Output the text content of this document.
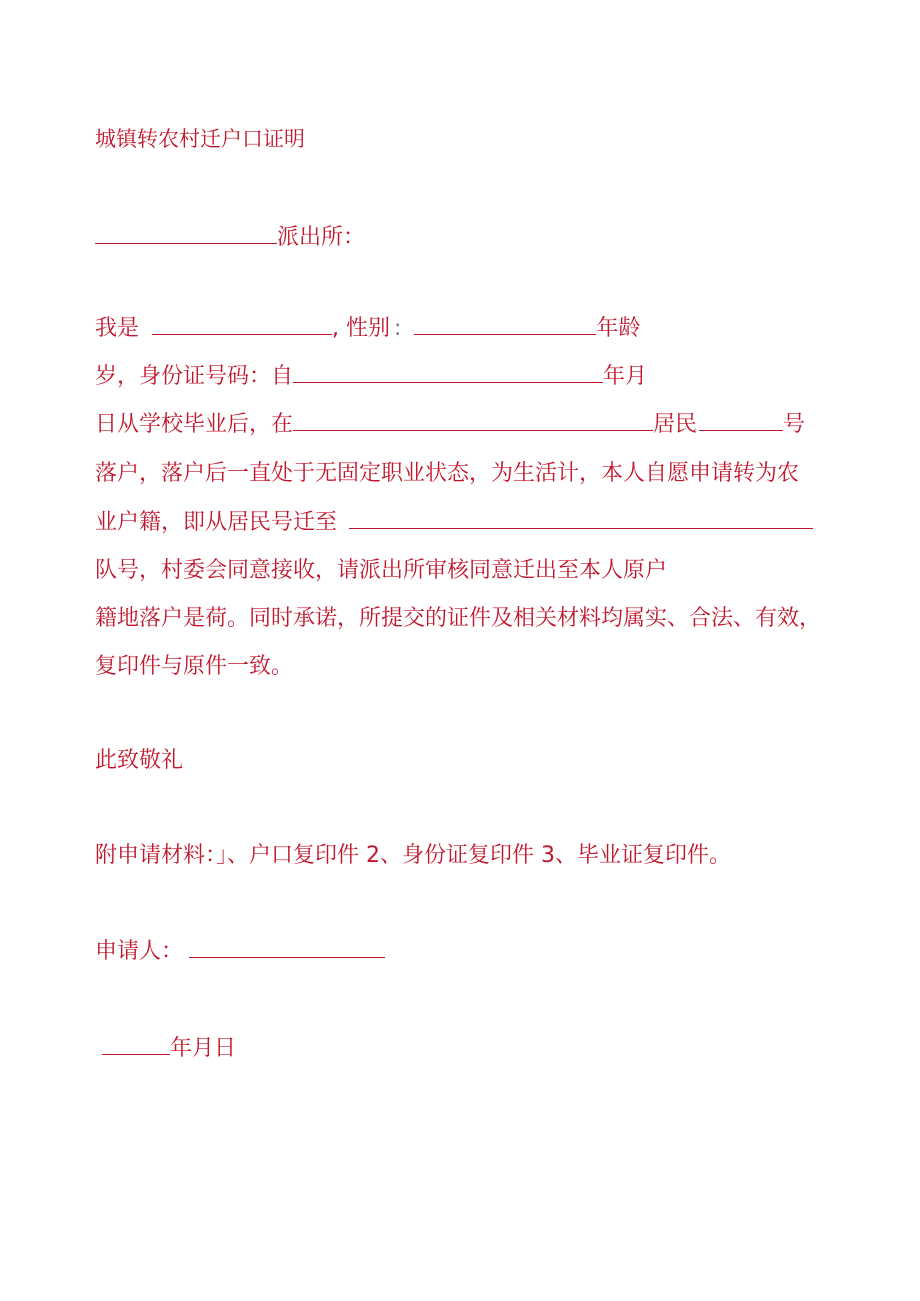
城镇转农村迁户口证明
派出所：
我是	, 性别 :	年龄
岁，身份证号码：自	年月
日从学校毕业后，在	居民	号
落户，落户后一直处于无固定职业状态，为生活计，本人自愿申请转为农
业户籍，即从居民号迁至
队号，村委会同意接收，请派出所审核同意迁出至本人原户
籍地落户是荷。同时承诺，所提交的证件及相关材料均属实、合法、有效，
复印件与原件一致。
此致敬礼
附申请材料：」、户口复印件 2、身份证复印件 3、毕业证复印件。
申请人：
年月日
